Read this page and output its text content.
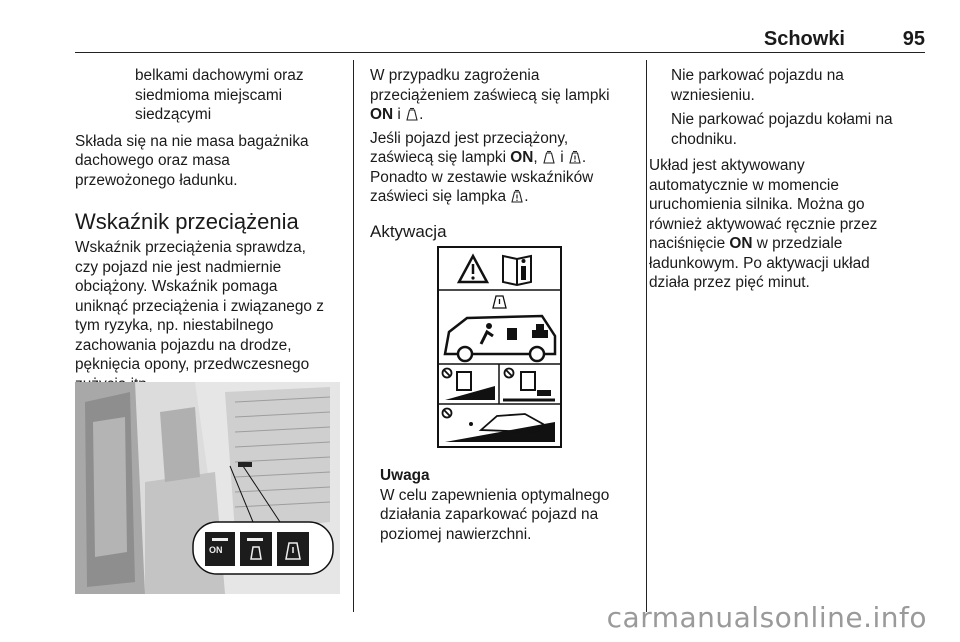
Schowki	95

belkami dachowymi oraz

siedmioma miejscami

siedzącymi

Składa się na nie masa bagażnika

dachowego oraz masa

przewożonego ładunku.

Wskaźnik przeciążenia

Wskaźnik przeciążenia sprawdza,

czy pojazd nie jest nadmiernie

obciążony. Wskaźnik pomaga

uniknąć przeciążenia i związanego z

tym ryzyka, np. niestabilnego

zachowania pojazdu na drodze,

pęknięcia opony, przedwczesnego

ON

W przypadku zagrożenia

przeciążeniem zaświecą się lampki

ON i .

Jeśli pojazd jest przeciążony,

zaświecą się lampki ON,  i .

Ponadto w zestawie wskaźników

zaświeci się lampka .

Aktywacja

Uwaga

W celu zapewnienia optymalnego

działania zaparkować pojazd na

poziomej nawierzchni.

Nie parkować pojazdu na

wzniesieniu.

Nie parkować pojazdu kołami na

chodniku.

Układ jest aktywowany

automatycznie w momencie

uruchomienia silnika. Można go

również aktywować ręcznie przez

naciśnięcie ON w przedziale

ładunkowym. Po aktywacji układ

działa przez pięć minut.

carmanualsonline.info
